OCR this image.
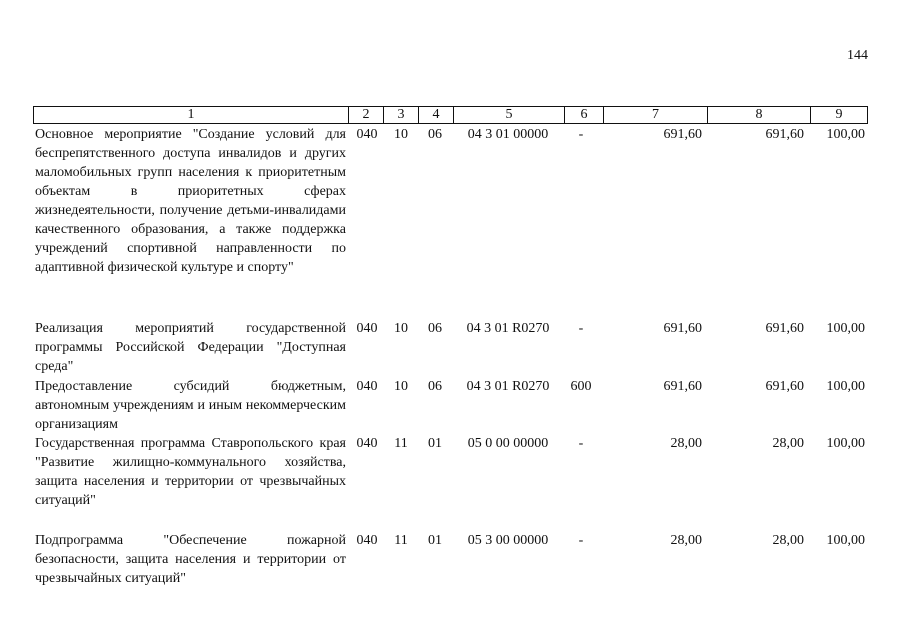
144
1	2	3	4	5	6	7	8	9
Основное мероприятие "Создание условий для беспрепятственного доступа инвалидов и других маломобильных групп населения к приоритетным объектам в приоритетных сферах жизнедеятельности, получение детьми-инвалидами качественного образования, а также поддержка учреждений спортивной направленности по адаптивной физической культуре и спорту"
040	10	06	04 3 01 00000	-	691,60	691,60	100,00
Реализация мероприятий государственной программы Российской Федерации "Доступная среда"
040	10	06	04 3 01 R0270	-	691,60	691,60	100,00
Предоставление субсидий бюджетным, автономным учреждениям и иным некоммерческим организациям
040	10	06	04 3 01 R0270	600	691,60	691,60	100,00
Государственная программа Ставропольского края "Развитие жилищно-коммунального хозяйства, защита населения и территории от чрезвычайных ситуаций"
040	11	01	05 0 00 00000	-	28,00	28,00	100,00
Подпрограмма "Обеспечение пожарной безопасности, защита населения и территории от чрезвычайных ситуаций"
040	11	01	05 3 00 00000	-	28,00	28,00	100,00
